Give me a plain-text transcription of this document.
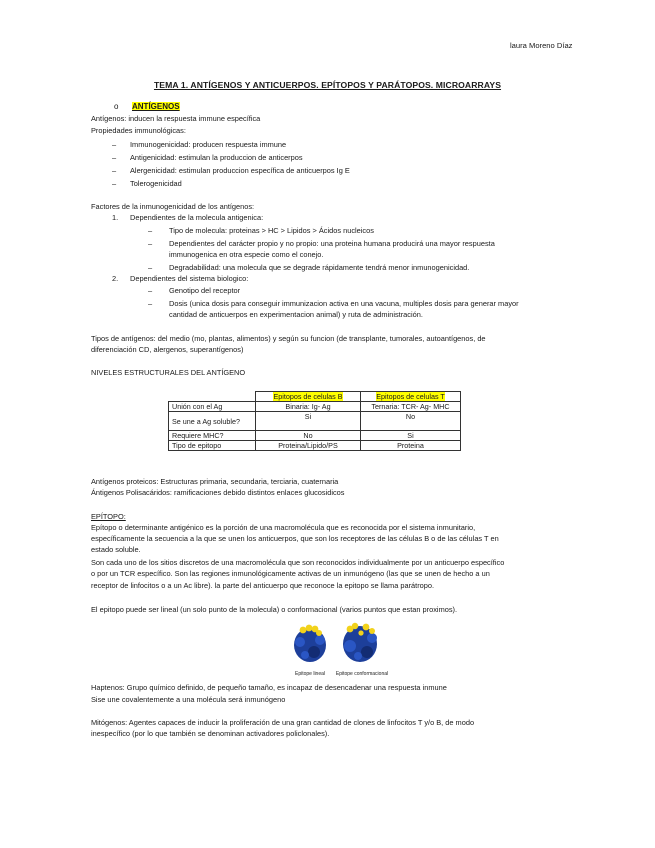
laura Moreno Díaz
TEMA 1. ANTÍGENOS Y ANTICUERPOS. EPÍTOPOS Y PARÁTOPOS. MICROARRAYS
o ANTÍGENOS
Antígenos: inducen la respuesta immune específica
Propiedades immunológicas:
– Immunogenicidad: producen respuesta immune
– Antigenicidad: estimulan la produccion de anticerpos
– Alergenicidad: estimulan produccion específica de anticuerpos Ig E
– Tolerogenicidad
Factores de la inmunogenicidad de los antígenos:
1. Dependientes de la molecula antigenica:
– Tipo de molecula: proteinas > HC > Lipidos > Ácidos nucleicos
– Dependientes del carácter propio y no propio: una proteina humana producirá una mayor respuesta
immunogenica en otra especie como el conejo.
– Degradabilidad: una molecula que se degrade rápidamente tendrá menor inmunogenicidad.
2. Dependientes del sistema biologico:
– Genotipo del receptor
– Dosis (unica dosis para conseguir immunizacion activa en una vacuna, multiples dosis para generar mayor
cantidad de anticuerpos en experimentacion animal) y ruta de administración.
Tipos de antígenos: del medio (mo, plantas, alimentos) y según su funcion (de transplante, tumorales, autoantígenos, de
diferenciación CD, alergenos, superantígenos)
NIVELES ESTRUCTURALES DEL ANTÍGENO
	Epitopos de celulas B	Epitopos de celulas T
Unión con el Ag	Binaria: Ig- Ag	Ternaria: TCR- Ag- MHC
Se une a Ag soluble?	Si	No
Requiere MHC?	No	Si
Tipo de epitopo	Proteina/Lipido/PS	Proteina
Antígenos proteicos: Estructuras primaria, secundaria, terciaria, cuaternaria
Ántigenos Polisacáridos: ramificaciones debido distintos enlaces glucosidicos
EPÍTOPO:
Epítopo o determinante antigénico es la porción de una macromolécula que es reconocida por el sistema inmunitario,
específicamente la secuencia a la que se unen los anticuerpos, que son los receptores de las células B o de las células T en
estado soluble.
Son cada uno de los sitios discretos de una macromolécula que son reconocidos individualmente por un anticuerpo específico
o por un TCR específico. Son las regiones inmunológicamente activas de un inmunógeno (las que se unen de hecho a un
receptor de linfocitos o a un Ac libre). la parte del anticuerpo que reconoce la epitopo se llama parátropo.
El epitopo puede ser lineal (un solo punto de la molecula) o conformacional (varios puntos que estan proximos).
Epitope lineal Epitope conformacional
Haptenos: Grupo químico definido, de pequeño tamaño, es incapaz de desencadenar una respuesta inmune
Sise une covalentemente a una molécula será inmunógeno
Mitógenos: Agentes capaces de inducir la proliferación de una gran cantidad de clones de linfocitos T y/o B, de modo
inespecífico (por lo que también se denominan activadores policlonales).
